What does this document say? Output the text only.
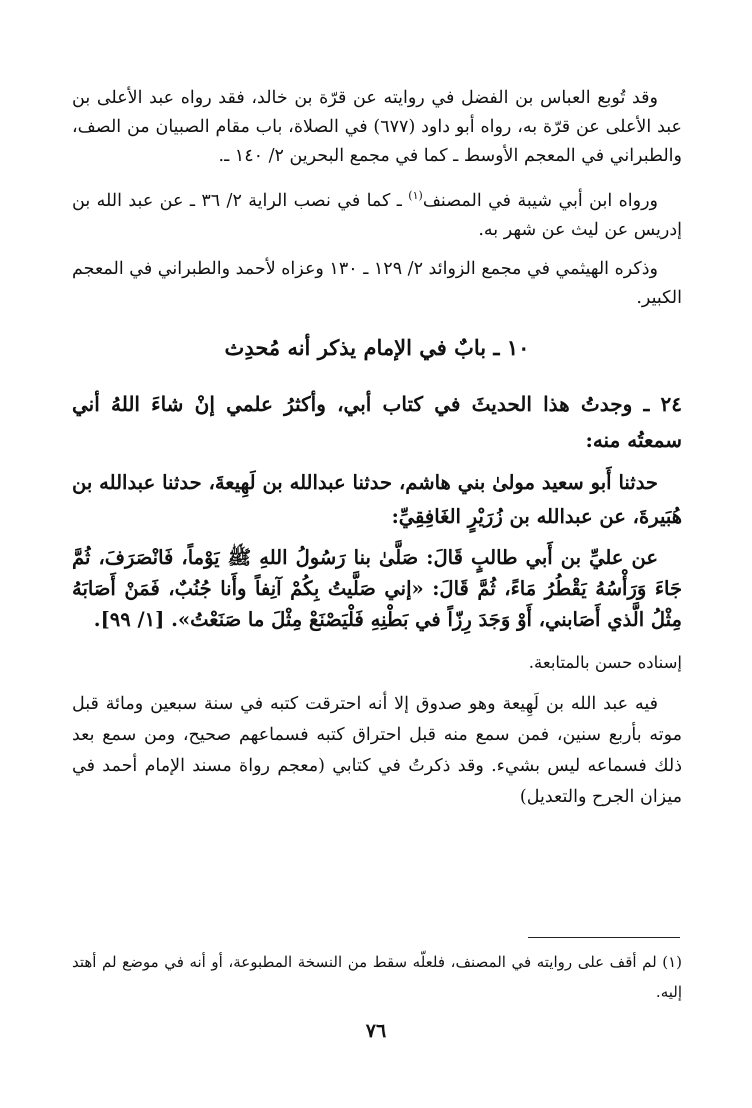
وقد تُوبع العباس بن الفضل في روايته عن قرّة بن خالد، فقد رواه عبد الأعلى بن عبد الأعلى عن قرّة به، رواه أبو داود (٦٧٧) في الصلاة، باب مقام الصبيان من الصف، والطبراني في المعجم الأوسط ـ كما في مجمع البحرين ٢/ ١٤٠ ـ.

ورواه ابن أبي شيبة في المصنف$^{(١)}$ ـ كما في نصب الراية ٢/ ٣٦ ـ عن عبد الله بن إدريس عن ليث عن شهر به.

وذكره الهيثمي في مجمع الزوائد ٢/ ١٢٩ ـ ١٣٠ وعزاه لأحمد والطبراني في المعجم الكبير.

١٠ ـ بابٌ في الإمام يذكر أنه مُحدِث

٢٤ ـ وجدتُ هذا الحديثَ في كتاب أبي، وأكثرُ علمي إنْ شاءَ اللهُ أني سمعتُه منه:

حدثنا أَبو سعيد مولىٰ بني هاشم، حدثنا عبدالله بن لَهِيعةَ، حدثنا عبدالله بن هُبَيرةَ، عن عبدالله بن زُرَيْرٍ الغَافِقِيِّ:

عن عليِّ بن أَبي طالبٍ قَالَ: صَلَّىٰ بنا رَسُولُ اللهِ ﷺ يَوْماً، فَانْصَرَفَ، ثُمَّ جَاءَ وَرَأْسُهُ يَقْطُرُ مَاءً، ثُمَّ قَالَ: «إني صَلَّيتُ بِكُمْ آنِفاً وأَنا جُنُبٌ، فَمَنْ أَصَابَهُ مِثْلُ الَّذي أَصَابني، أَوْ وَجَدَ رِزّاً في بَطْنِهِ فَلْيَصْنَعْ مِثْلَ ما صَنَعْتُ». [١/ ٩٩].

إسناده حسن بالمتابعة.

فيه عبد الله بن لَهِيعة وهو صدوق إلا أنه احترقت كتبه في سنة سبعين ومائة قبل موته بأربع سنين، فمن سمع منه قبل احتراق كتبه فسماعهم صحيح، ومن سمع بعد ذلك فسماعه ليس بشيء. وقد ذكرتُ في كتابي (معجم رواة مسند الإمام أحمد في ميزان الجرح والتعديل)

(١) لم أقف على روايته في المصنف، فلعلّه سقط من النسخة المطبوعة، أو أنه في موضع لم أهتد إليه.
٧٦
